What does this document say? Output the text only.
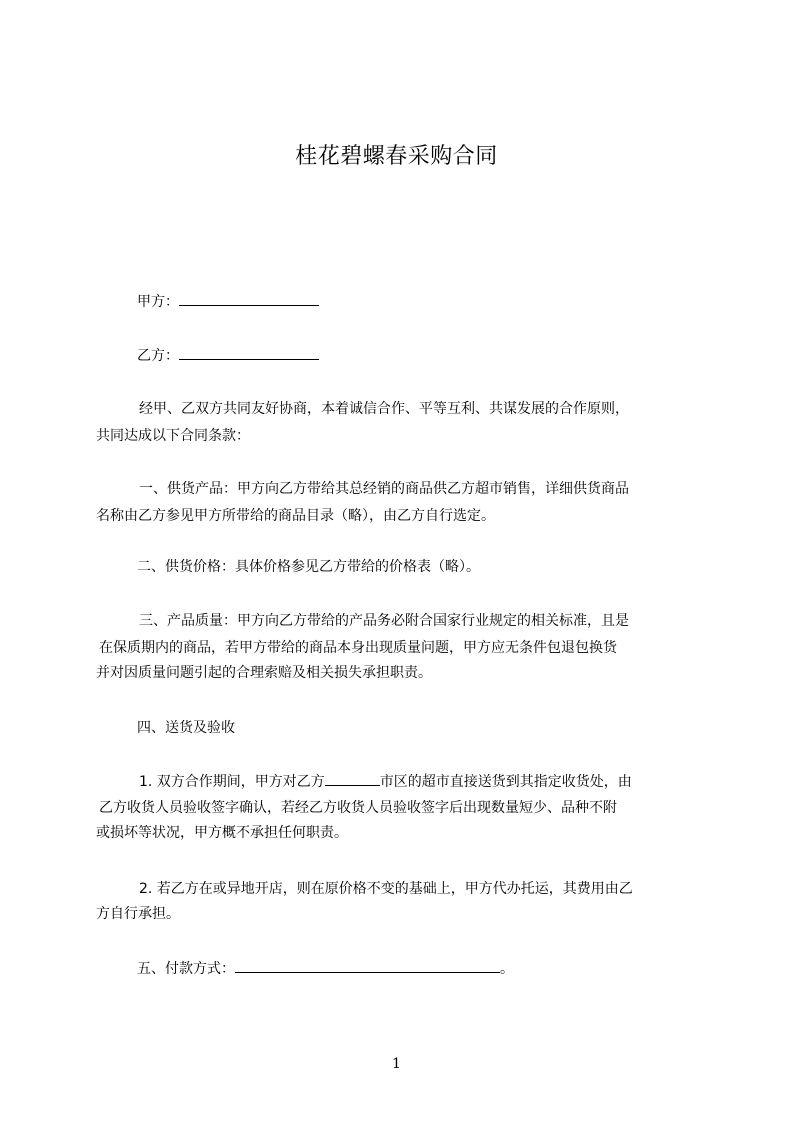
桂花碧螺春采购合同
甲方：
乙方：
经甲、乙双方共同友好协商，本着诚信合作、平等互利、共谋发展的合作原则，
共同达成以下合同条款：
一、供货产品：甲方向乙方带给其总经销的商品供乙方超市销售，详细供货商品
名称由乙方参见甲方所带给的商品目录（略），由乙方自行选定。
二、供货价格：具体价格参见乙方带给的价格表（略）。
三、产品质量：甲方向乙方带给的产品务必附合国家行业规定的相关标准，且是
在保质期内的商品，若甲方带给的商品本身出现质量问题，甲方应无条件包退包换货
并对因质量问题引起的合理索赔及相关损失承担职责。
四、送货及验收
1. 双方合作期间，甲方对乙方	市区的超市直接送货到其指定收货处，由
乙方收货人员验收签字确认，若经乙方收货人员验收签字后出现数量短少、品种不附
或损坏等状况，甲方概不承担任何职责。
2. 若乙方在或异地开店，则在原价格不变的基础上，甲方代办托运，其费用由乙
方自行承担。
五、付款方式：	。
1
